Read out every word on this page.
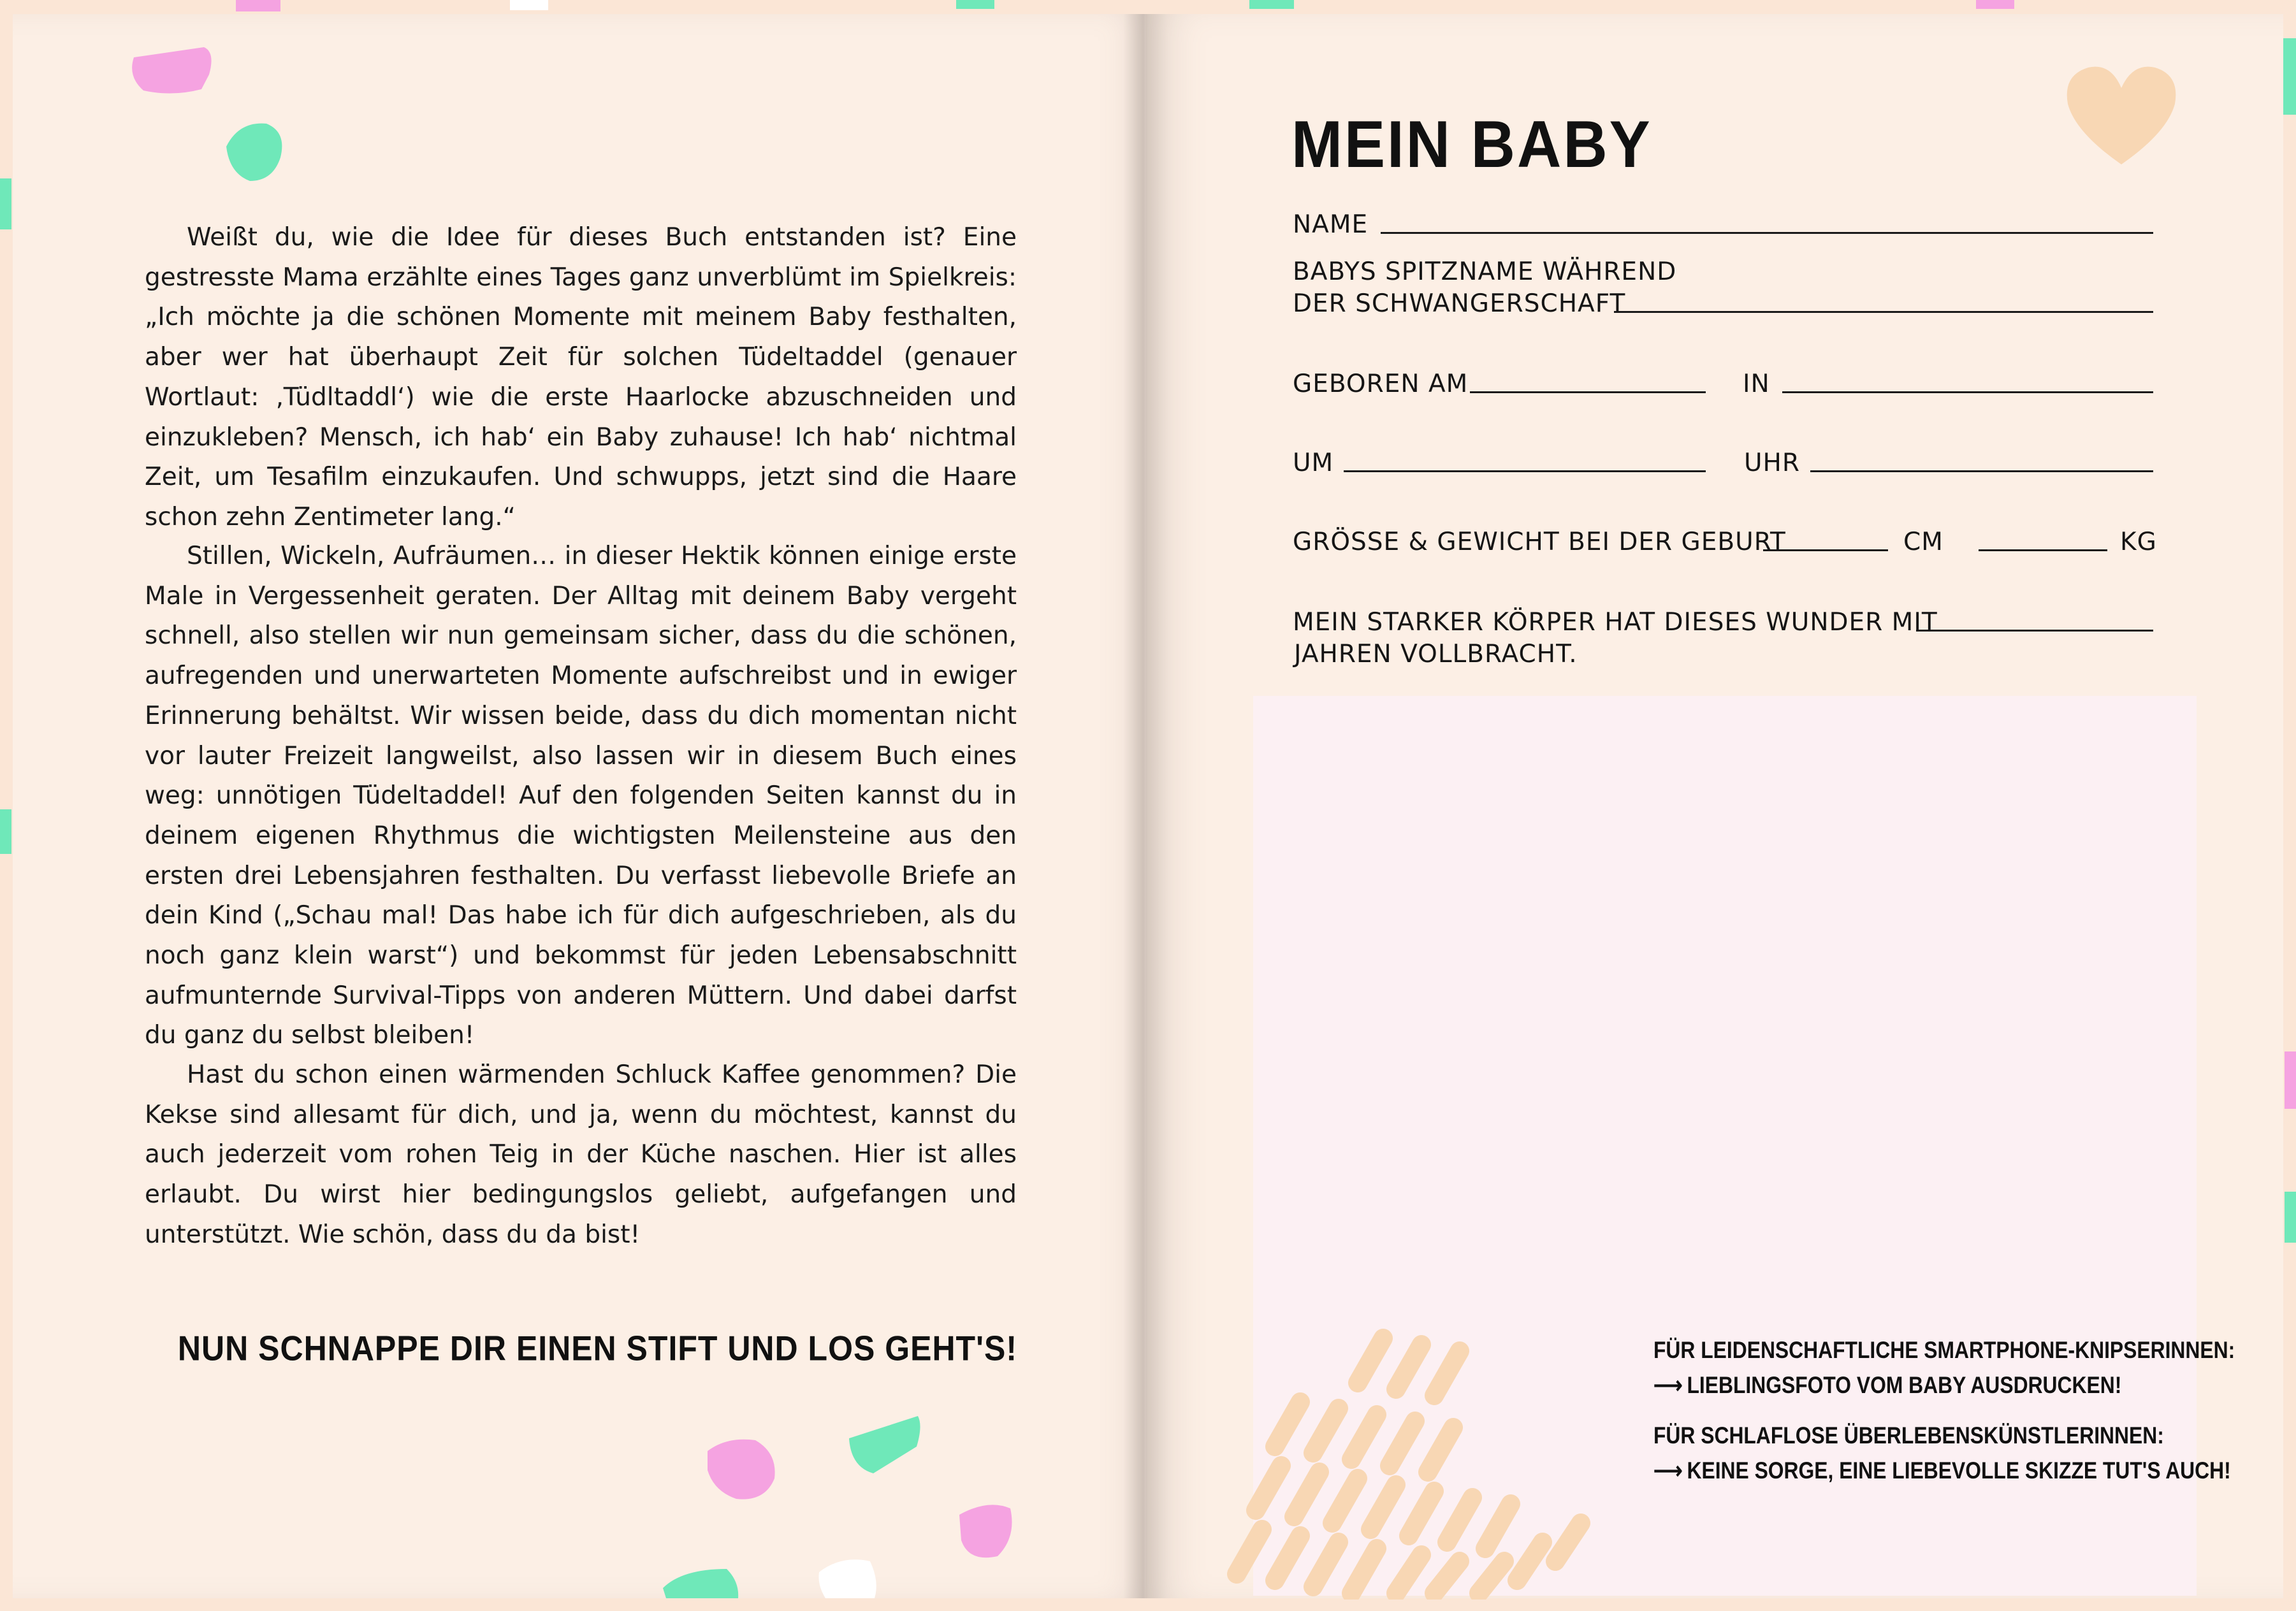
Weißt du, wie die Idee für dieses Buch entstanden ist? Eine gestresste Mama erzählte eines Tages ganz unverblümt im Spielkreis: „Ich möchte ja die schönen Momente mit meinem Baby festhalten, aber wer hat überhaupt Zeit für solchen Tüdeltaddel (genauer Wortlaut: ‚Tüdltaddl‘) wie die erste Haarlocke abzuschneiden und einzukleben? Mensch, ich hab‘ ein Baby zuhause! Ich hab‘ nichtmal Zeit, um Tesafilm einzukaufen. Und schwupps, jetzt sind die Haare schon zehn Zentimeter lang.“

Stillen, Wickeln, Aufräumen… in dieser Hektik können einige erste Male in Vergessenheit geraten. Der Alltag mit deinem Baby vergeht schnell, also stellen wir nun gemeinsam sicher, dass du die schönen, aufregenden und unerwarteten Momente aufschreibst und in ewiger Erinnerung behältst. Wir wissen beide, dass du dich momentan nicht vor lauter Freizeit langweilst, also lassen wir in diesem Buch eines weg: unnötigen Tüdeltaddel! Auf den folgenden Seiten kannst du in deinem eigenen Rhythmus die wichtigsten Meilensteine aus den ersten drei Lebensjahren festhalten. Du verfasst liebevolle Briefe an dein Kind („Schau mal! Das habe ich für dich aufgeschrieben, als du noch ganz klein warst“) und bekommst für jeden Lebensabschnitt aufmunternde Survival-Tipps von anderen Müttern. Und dabei darfst du ganz du selbst bleiben!

Hast du schon einen wärmenden Schluck Kaffee genommen? Die Kekse sind allesamt für dich, und ja, wenn du möchtest, kannst du auch jederzeit vom rohen Teig in der Küche naschen. Hier ist alles erlaubt. Du wirst hier bedingungslos geliebt, aufgefangen und unterstützt. Wie schön, dass du da bist!

NUN SCHNAPPE DIR EINEN STIFT UND LOS GEHT'S!
MEIN BABY
NAME
BABYS SPITZNAME WÄHREND
DER SCHWANGERSCHAFT
GEBOREN AM	IN
UM	UHR
GRÖSSE & GEWICHT BEI DER GEBURT	CM	KG
MEIN STARKER KÖRPER HAT DIESES WUNDER MIT
JAHREN VOLLBRACHT.
FÜR LEIDENSCHAFTLICHE SMARTPHONE-KNIPSERINNEN:
⟶ LIEBLINGSFOTO VOM BABY AUSDRUCKEN!
FÜR SCHLAFLOSE ÜBERLEBENSKÜNSTLERINNEN:
⟶ KEINE SORGE, EINE LIEBEVOLLE SKIZZE TUT'S AUCH!
